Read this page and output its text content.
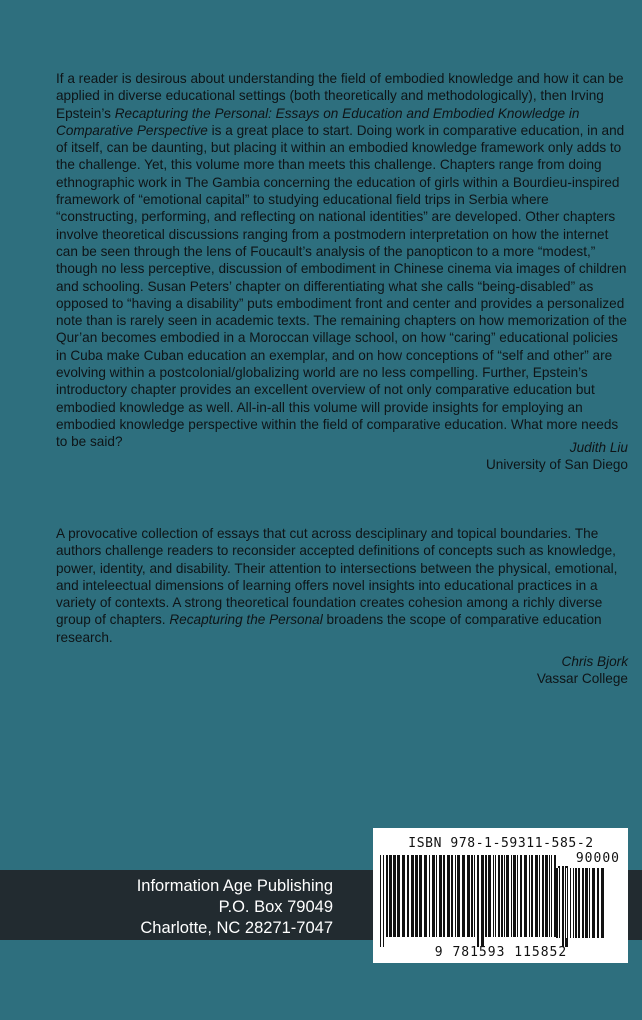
If a reader is desirous about understanding the field of embodied knowledge and how it can be applied in diverse educational settings (both theoretically and methodologically), then Irving Epstein’s Recapturing the Personal: Essays on Education and Embodied Knowledge in Comparative Perspective is a great place to start. Doing work in comparative education, in and of itself, can be daunting, but placing it within an embodied knowledge framework only adds to the challenge. Yet, this volume more than meets this challenge. Chapters range from doing ethnographic work in The Gambia concerning the education of girls within a Bourdieu-inspired framework of “emotional capital” to studying educational field trips in Serbia where “constructing, performing, and reflecting on national identities” are developed. Other chapters involve theoretical discussions ranging from a postmodern interpretation on how the internet can be seen through the lens of Foucault’s analysis of the panopticon to a more “modest,” though no less perceptive, discussion of embodiment in Chinese cinema via images of children and schooling. Susan Peters’ chapter on differentiating what she calls “being-disabled” as opposed to “having a disability” puts embodiment front and center and provides a personalized note than is rarely seen in academic texts. The remaining chapters on how memorization of the Qur’an becomes embodied in a Moroccan village school, on how “caring” educational policies in Cuba make Cuban education an exemplar, and on how conceptions of “self and other” are evolving within a postcolonial/globalizing world are no less compelling. Further, Epstein’s introductory chapter provides an excellent overview of not only comparative education but embodied knowledge as well. All-in-all this volume will provide insights for employing an embodied knowledge perspective within the field of comparative education. What more needs to be said?	Judith Liu
University of San Diego

A provocative collection of essays that cut across desciplinary and topical boundaries. The authors challenge readers to reconsider accepted definitions of concepts such as knowledge, power, identity, and disability. Their attention to intersections between the physical, emotional, and inteleectual dimensions of learning offers novel insights into educational practices in a variety of contexts. A strong theoretical foundation creates cohesion among a richly diverse group of chapters. Recapturing the Personal broadens the scope of comparative education research.

Chris Bjork
Vassar College
Information Age Publishing
P.O. Box 79049
Charlotte, NC 28271-7047
ISBN 978-1-59311-585-2
90000
9 781593 115852
